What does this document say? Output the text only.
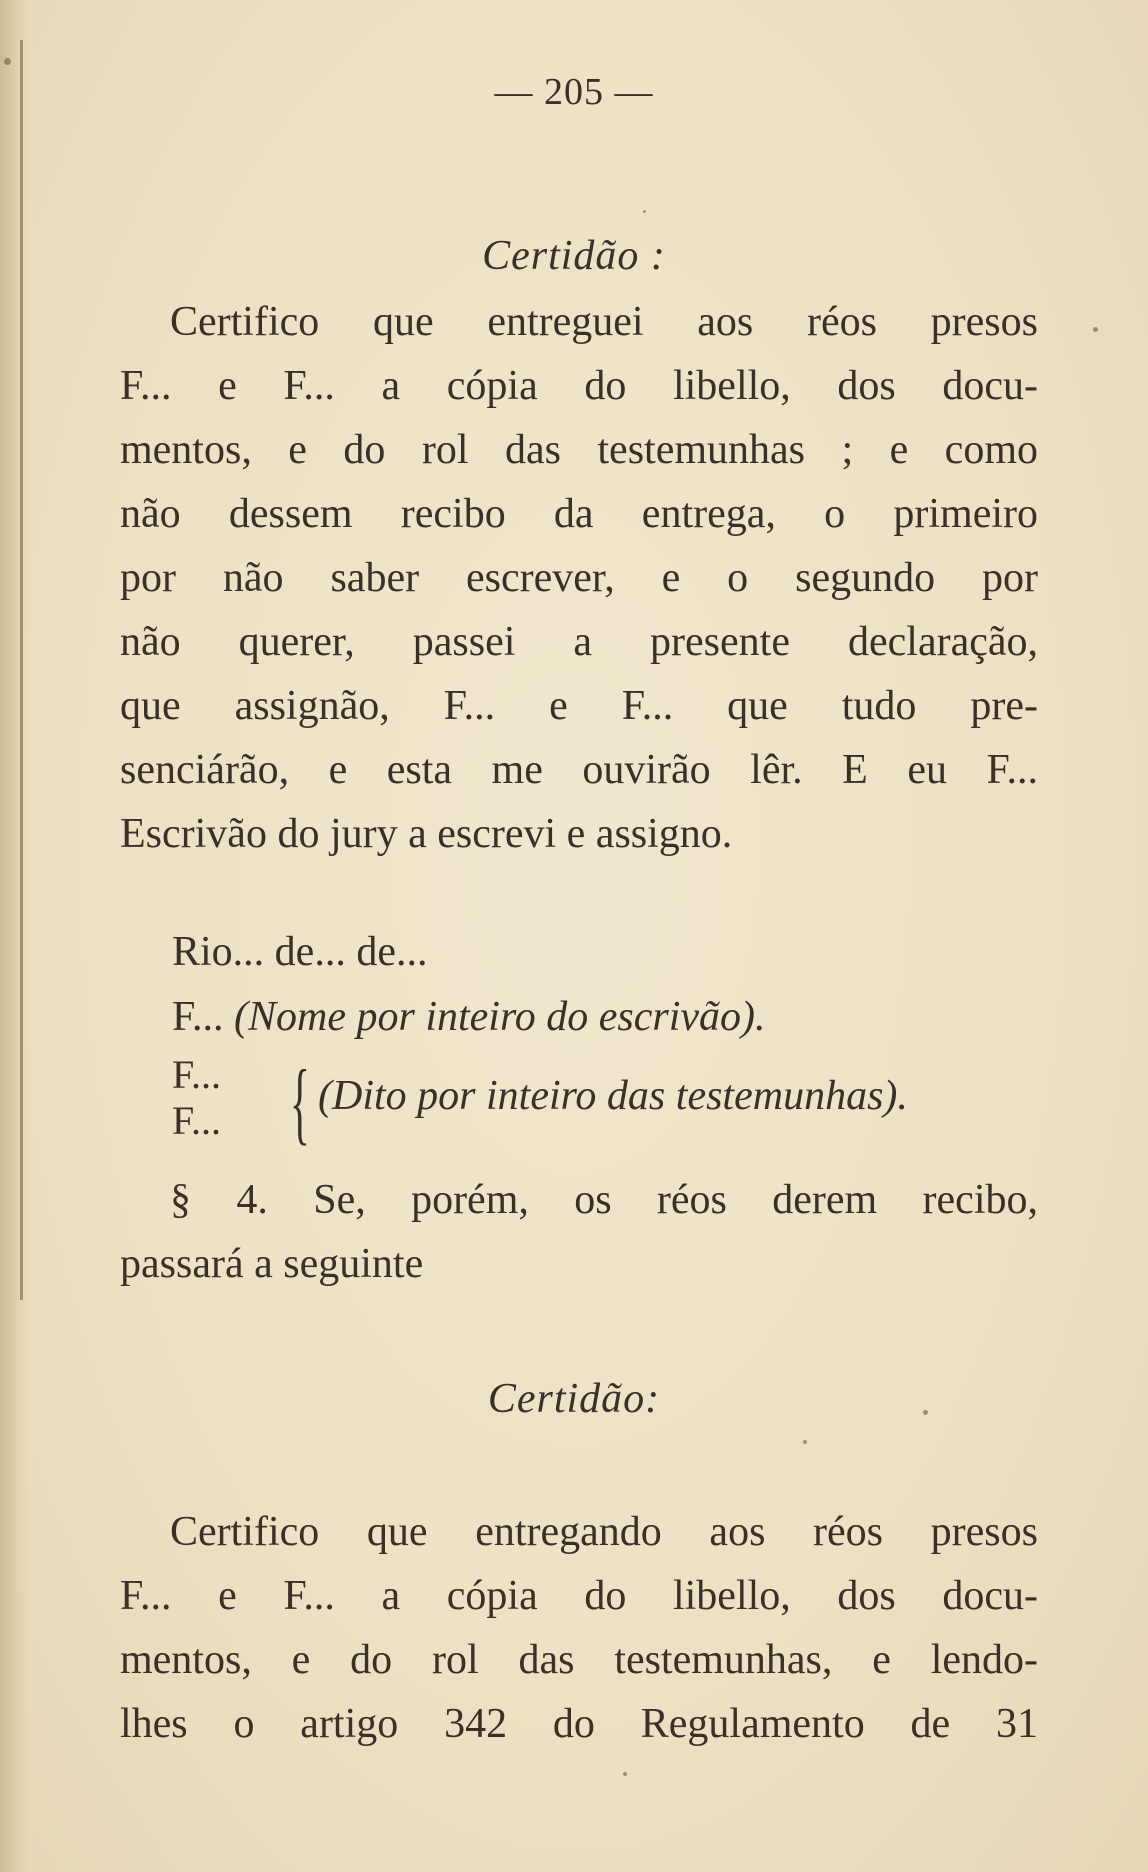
— 205 —
Certidão :

Certifico que entreguei aos réos presos
F... e F... a cópia do libello, dos docu-
mentos, e do rol das testemunhas ; e como
não dessem recibo da entrega, o primeiro
por não saber escrever, e o segundo por
não querer, passei a presente declaração,
que assignão, F... e F... que tudo pre-
senciárão, e esta me ouvirão lêr. E eu F...
Escrivão do jury a escrevi e assigno.

Rio... de... de...
F... (Nome por inteiro do escrivão).
F...
F... { (Dito por inteiro das testemunhas).

§ 4. Se, porém, os réos derem recibo,
passará a seguinte

Certidão:

Certifico que entregando aos réos presos
F... e F... a cópia do libello, dos docu-
mentos, e do rol das testemunhas, e lendo-
lhes o artigo 342 do Regulamento de 31
